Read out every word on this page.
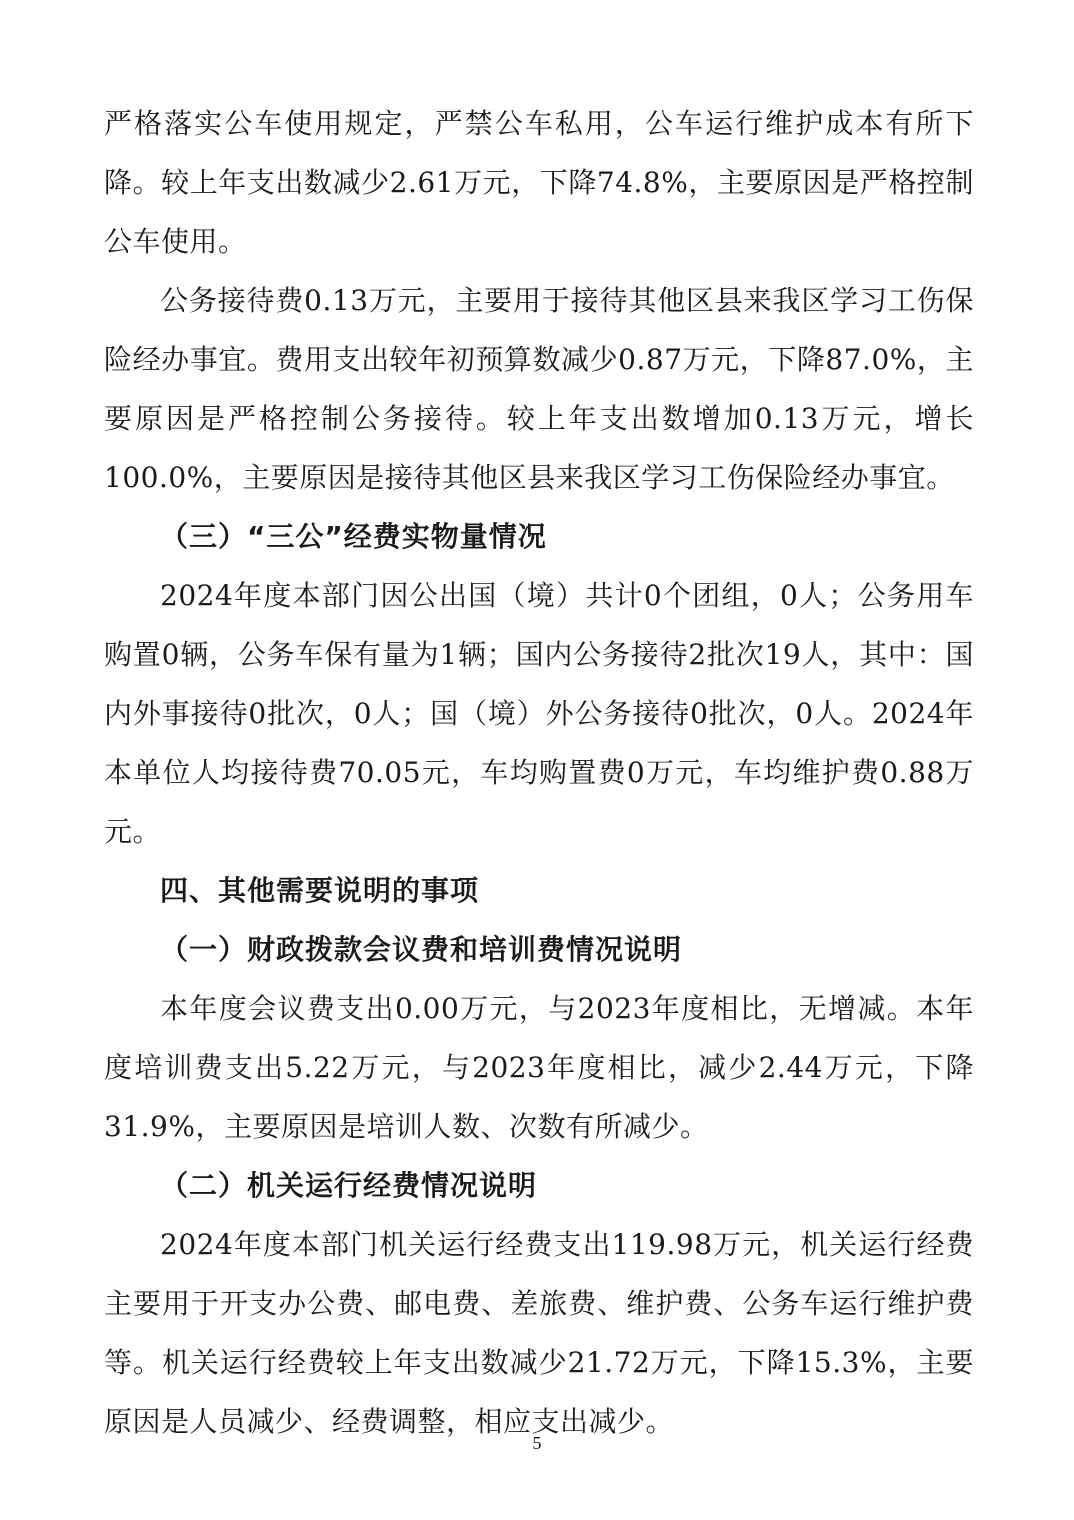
严格落实公车使用规定，严禁公车私用，公车运行维护成本有所下降。较上年支出数减少2.61万元，下降74.8%，主要原因是严格控制公车使用。

公务接待费0.13万元，主要用于接待其他区县来我区学习工伤保险经办事宜。费用支出较年初预算数减少0.87万元，下降87.0%，主要原因是严格控制公务接待。较上年支出数增加0.13万元，增长100.0%，主要原因是接待其他区县来我区学习工伤保险经办事宜。

（三）“三公”经费实物量情况

2024年度本部门因公出国（境）共计0个团组，0人；公务用车购置0辆，公务车保有量为1辆；国内公务接待2批次19人，其中：国内外事接待0批次，0人；国（境）外公务接待0批次，0人。2024年本单位人均接待费70.05元，车均购置费0万元，车均维护费0.88万元。

四、其他需要说明的事项

（一）财政拨款会议费和培训费情况说明

本年度会议费支出0.00万元，与2023年度相比，无增减。本年度培训费支出5.22万元，与2023年度相比，减少2.44万元，下降31.9%，主要原因是培训人数、次数有所减少。

（二）机关运行经费情况说明

2024年度本部门机关运行经费支出119.98万元，机关运行经费主要用于开支办公费、邮电费、差旅费、维护费、公务车运行维护费等。机关运行经费较上年支出数减少21.72万元，下降15.3%，主要原因是人员减少、经费调整，相应支出减少。

5
